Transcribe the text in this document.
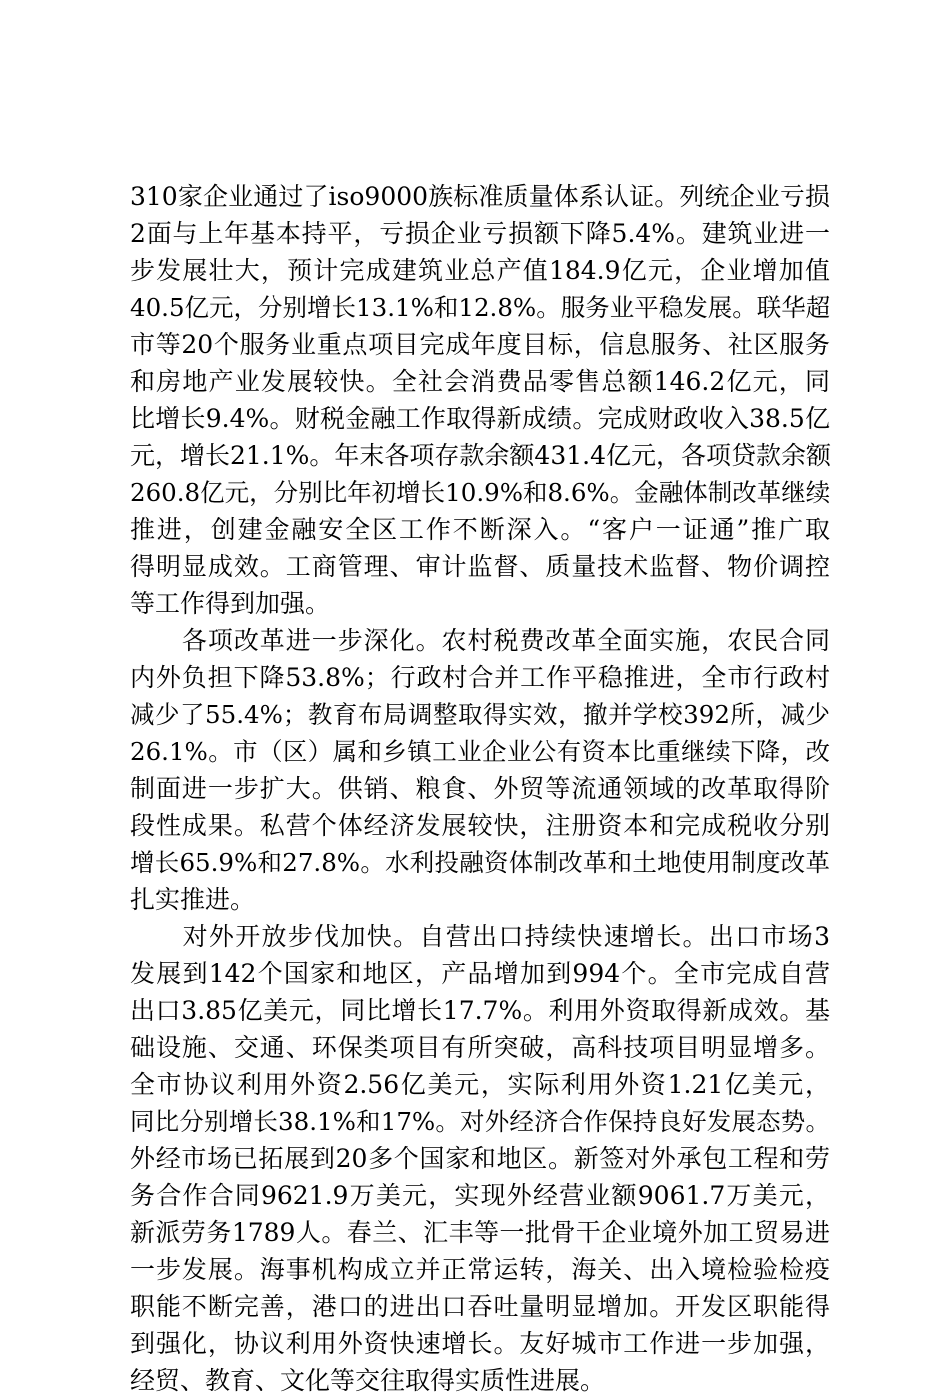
310家企业通过了iso9000族标准质量体系认证。列统企业亏损
2面与上年基本持平，亏损企业亏损额下降5.4%。建筑业进一
步发展壮大，预计完成建筑业总产值184.9亿元，企业增加值
40.5亿元，分别增长13.1%和12.8%。服务业平稳发展。联华超
市等20个服务业重点项目完成年度目标，信息服务、社区服务
和房地产业发展较快。全社会消费品零售总额146.2亿元，同
比增长9.4%。财税金融工作取得新成绩。完成财政收入38.5亿
元，增长21.1%。年末各项存款余额431.4亿元，各项贷款余额
260.8亿元，分别比年初增长10.9%和8.6%。金融体制改革继续
推进，创建金融安全区工作不断深入。“客户一证通”推广取
得明显成效。工商管理、审计监督、质量技术监督、物价调控
等工作得到加强。
　　各项改革进一步深化。农村税费改革全面实施，农民合同
内外负担下降53.8%；行政村合并工作平稳推进，全市行政村
减少了55.4%；教育布局调整取得实效，撤并学校392所，减少
26.1%。市（区）属和乡镇工业企业公有资本比重继续下降，改
制面进一步扩大。供销、粮食、外贸等流通领域的改革取得阶
段性成果。私营个体经济发展较快，注册资本和完成税收分别
增长65.9%和27.8%。水利投融资体制改革和土地使用制度改革
扎实推进。
　　对外开放步伐加快。自营出口持续快速增长。出口市场3
发展到142个国家和地区，产品增加到994个。全市完成自营
出口3.85亿美元，同比增长17.7%。利用外资取得新成效。基
础设施、交通、环保类项目有所突破，高科技项目明显增多。
全市协议利用外资2.56亿美元，实际利用外资1.21亿美元，
同比分别增长38.1%和17%。对外经济合作保持良好发展态势。
外经市场已拓展到20多个国家和地区。新签对外承包工程和劳
务合作合同9621.9万美元，实现外经营业额9061.7万美元，
新派劳务1789人。春兰、汇丰等一批骨干企业境外加工贸易进
一步发展。海事机构成立并正常运转，海关、出入境检验检疫
职能不断完善，港口的进出口吞吐量明显增加。开发区职能得
到强化，协议利用外资快速增长。友好城市工作进一步加强，
经贸、教育、文化等交往取得实质性进展。
